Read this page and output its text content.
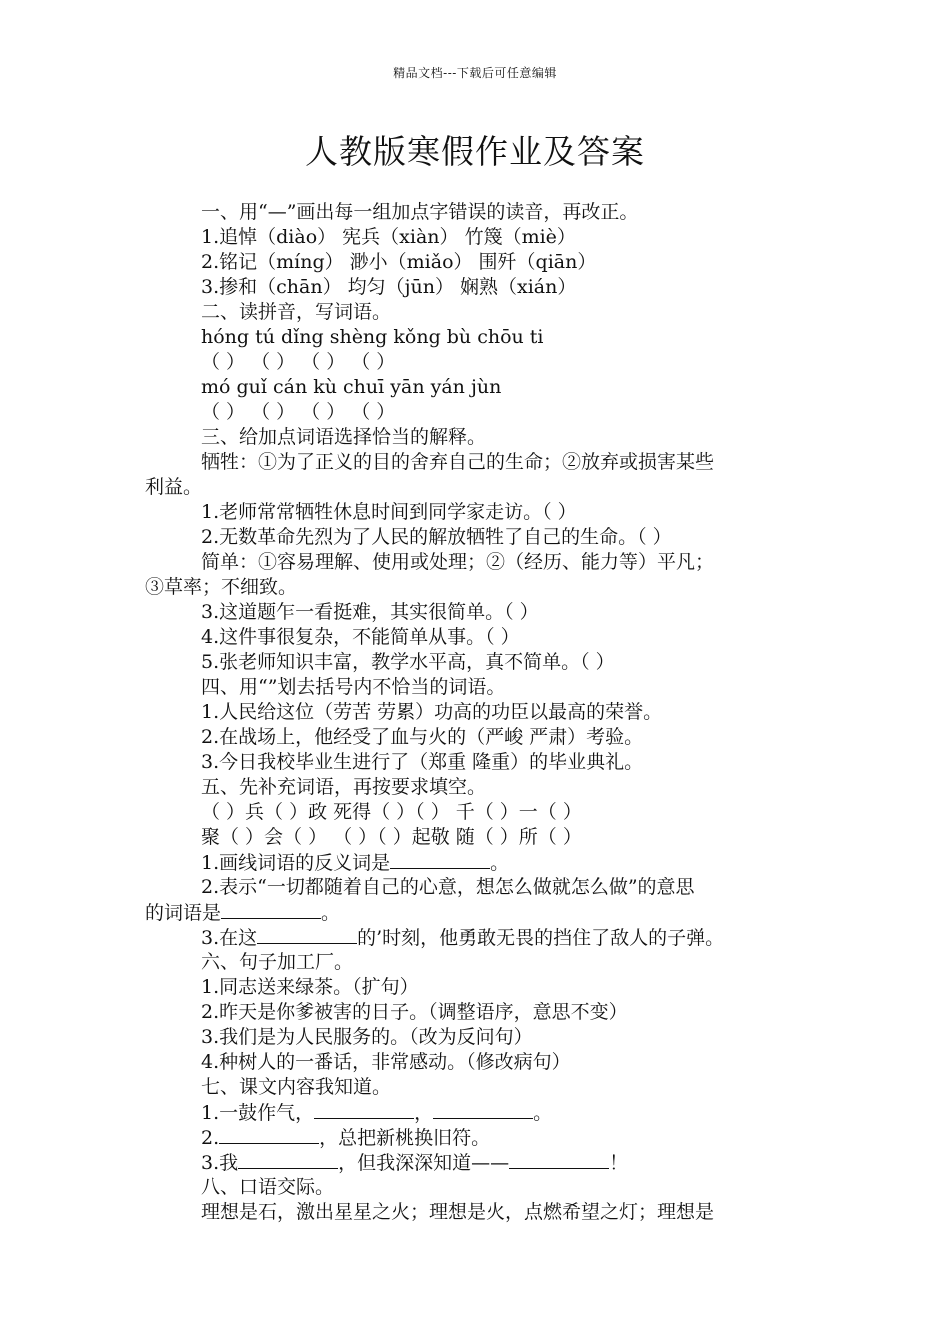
精品文档---下载后可任意编辑
人教版寒假作业及答案
一、用“—”画出每一组加点字错误的读音，再改正。
1.追悼（diào） 宪兵（xiàn） 竹篾（miè）
2.铭记（míng） 渺小（miǎo） 围歼（qiān）
3.掺和（chān） 均匀（jūn） 娴熟（xián）
二、读拼音，写词语。
hóng tú dǐng shèng kǒng bù chōu ti
（ ） （ ） （ ） （ ）
mó guǐ cán kù chuī yān yán jùn
（ ） （ ） （ ） （ ）
三、给加点词语选择恰当的解释。
牺牲：①为了正义的目的舍弃自己的生命；②放弃或损害某些
利益。
1.老师常常牺牲休息时间到同学家走访。（ ）
2.无数革命先烈为了人民的解放牺牲了自己的生命。（ ）
简单：①容易理解、使用或处理；②（经历、能力等）平凡；
③草率；不细致。
3.这道题乍一看挺难，其实很简单。（ ）
4.这件事很复杂，不能简单从事。（ ）
5.张老师知识丰富，教学水平高，真不简单。（ ）
四、用“”划去括号内不恰当的词语。
1.人民给这位（劳苦 劳累）功高的功臣以最高的荣誉。
2.在战场上，他经受了血与火的（严峻 严肃）考验。
3.今日我校毕业生进行了（郑重 隆重）的毕业典礼。
五、先补充词语，再按要求填空。
（ ）兵（ ）政 死得（ ）（ ） 千（ ）一（ ）
聚（ ）会（ ） （ ）（ ）起敬 随（ ）所（ ）
1.画线词语的反义词是	。
2.表示“一切都随着自己的心意，想怎么做就怎么做”的意思
的词语是	。
3.在这	的’时刻，他勇敢无畏的挡住了敌人的子弹。
六、句子加工厂。
1.同志送来绿茶。（扩句）
2.昨天是你爹被害的日子。（调整语序，意思不变）
3.我们是为人民服务的。（改为反问句）
4.种树人的一番话，非常感动。（修改病句）
七、课文内容我知道。
1.一鼓作气，	，	。
2.	，总把新桃换旧符。
3.我	，但我深深知道——	！
八、口语交际。
理想是石，激出星星之火；理想是火，点燃希望之灯；理想是
